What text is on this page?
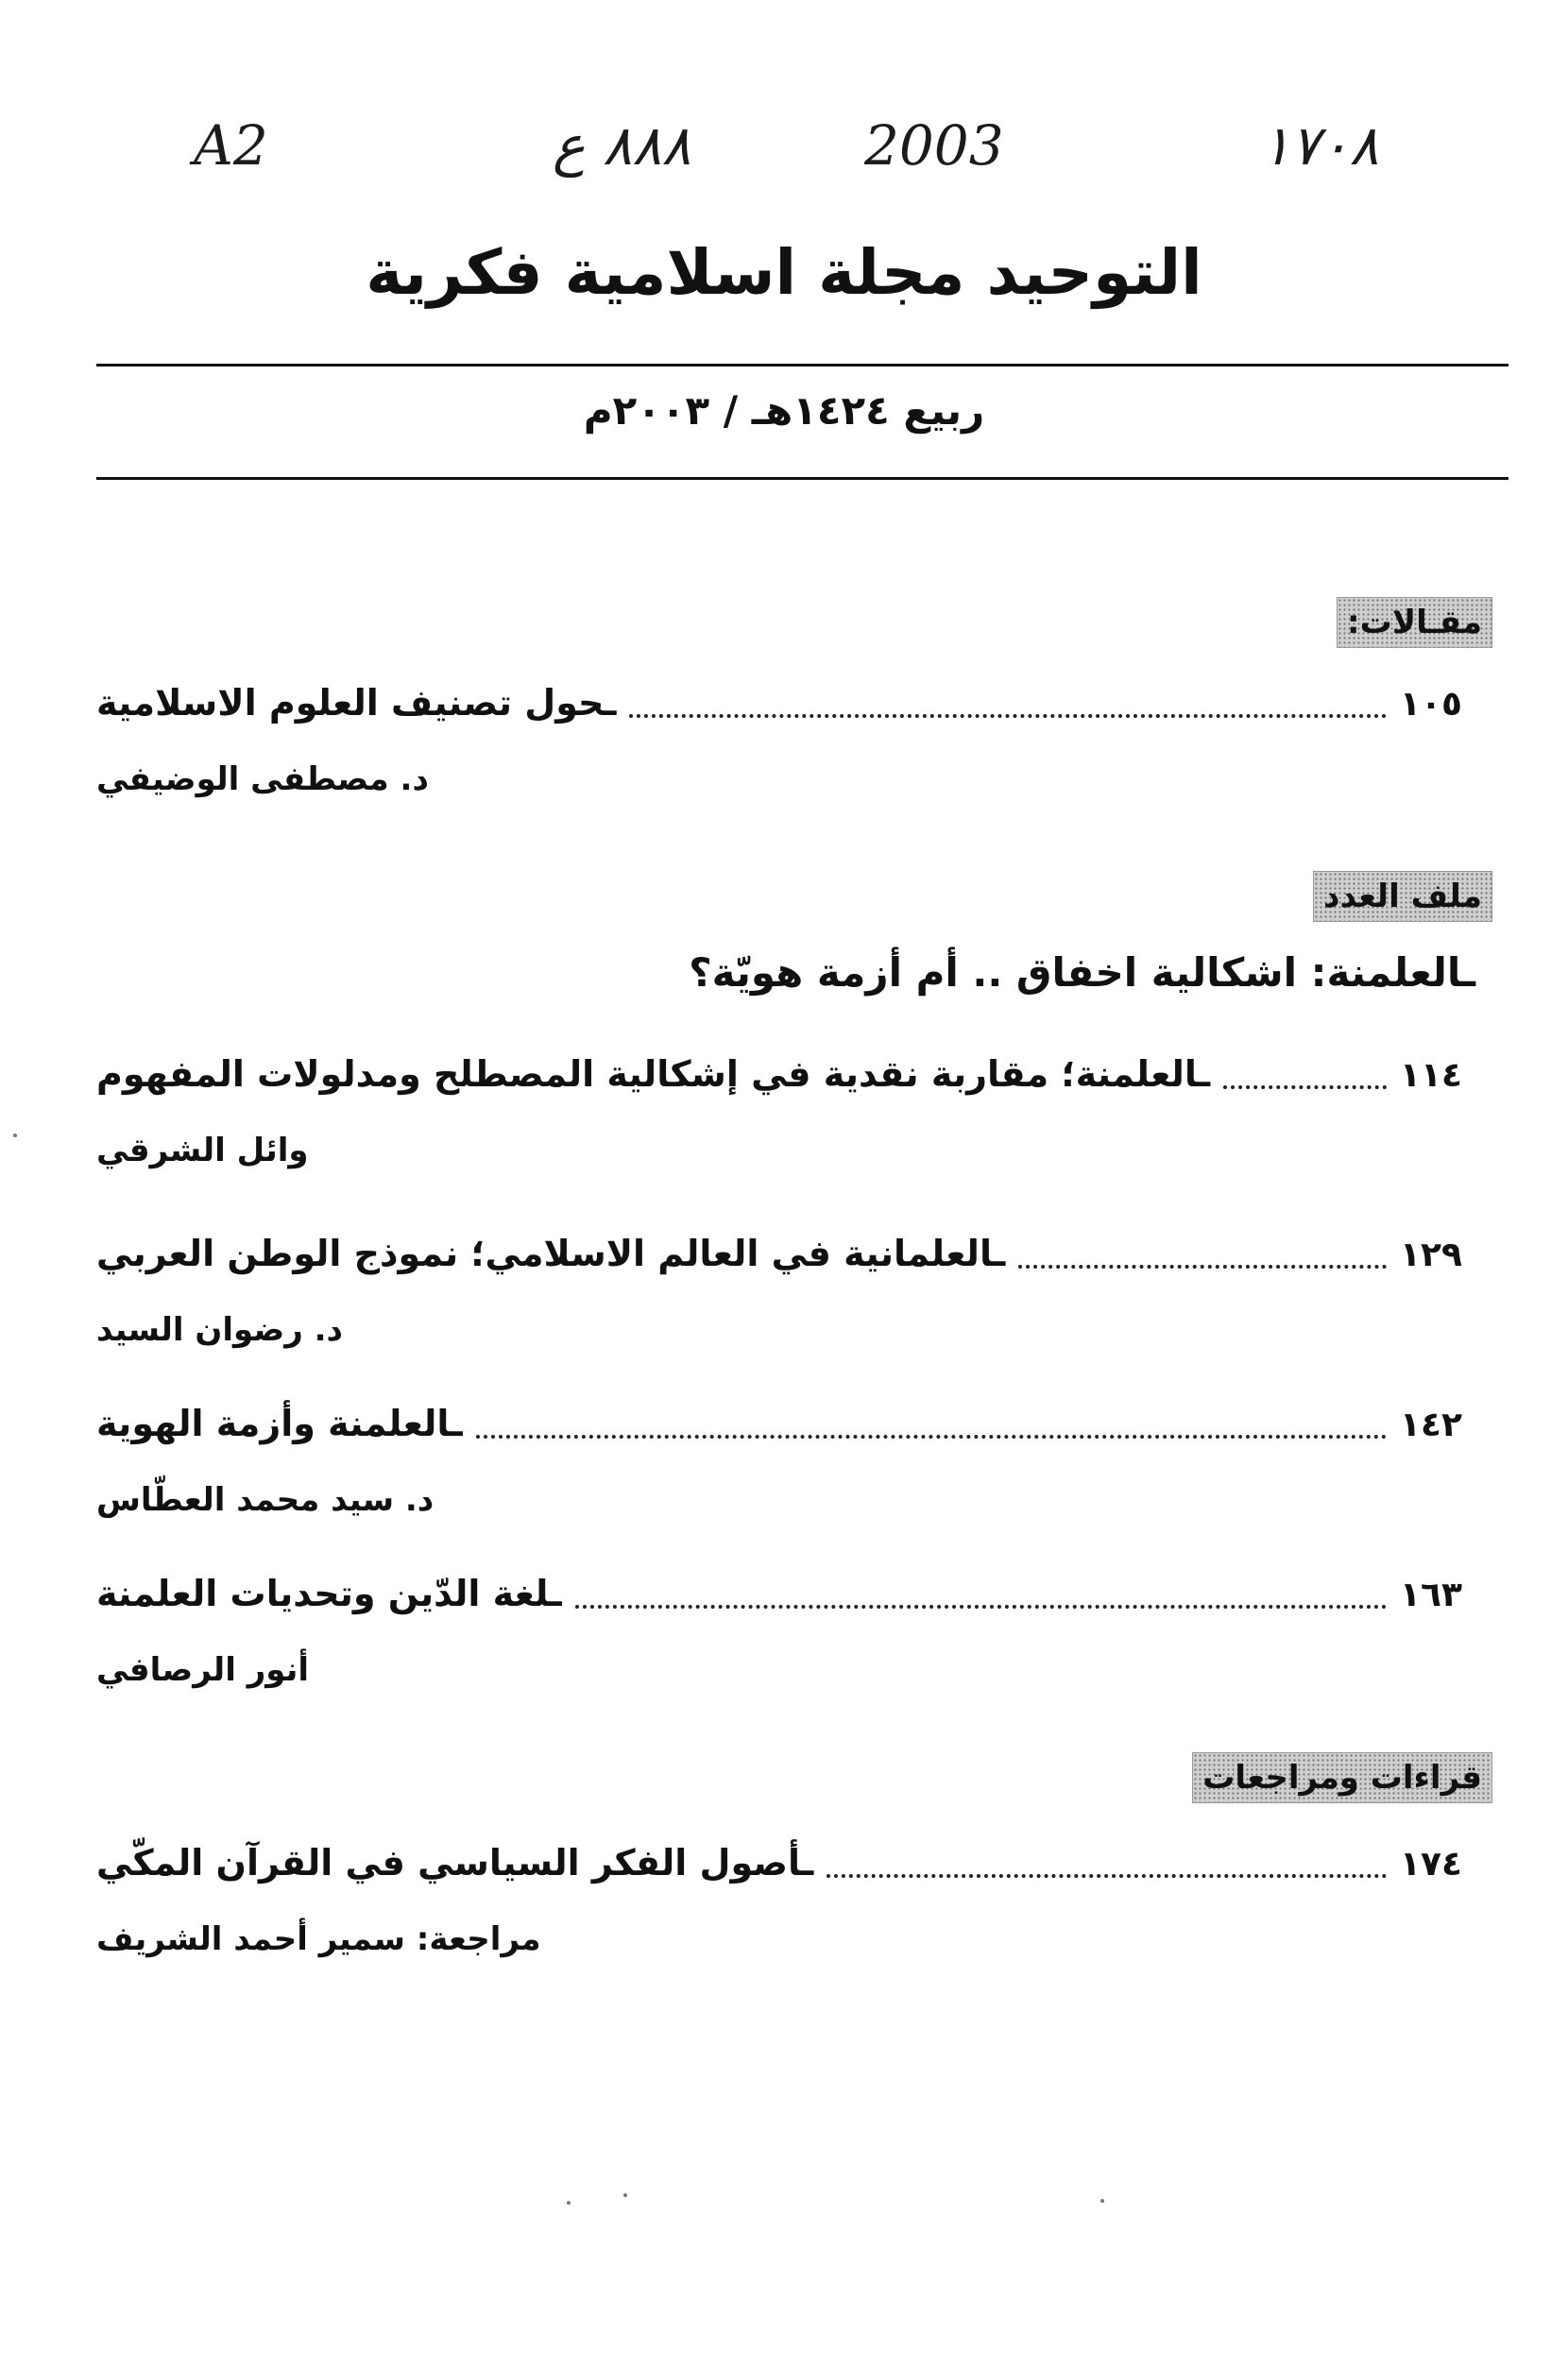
A2	٨٨٨ ع	2003	١٧٠٨
التوحيد مجلة اسلامية فكرية
ربيع ١٤٢٤هـ / ٢٠٠٣م
مقـالات:
ـحول تصنيف العلوم الاسلامية	١٠٥
د. مصطفى الوضيفي
ملف العدد
ـالعلمنة: اشكالية اخفاق .. أم أزمة هويّة؟
ـالعلمنة؛ مقاربة نقدية في إشكالية المصطلح ومدلولات المفهوم	١١٤
وائل الشرقي
ـالعلمانية في العالم الاسلامي؛ نموذج الوطن العربي	١٢٩
د. رضوان السيد
ـالعلمنة وأزمة الهوية	١٤٢
د. سيد محمد العطّاس
ـلغة الدّين وتحديات العلمنة	١٦٣
أنور الرصافي
قراءات ومراجعات
ـأصول الفكر السياسي في القرآن المكّي	١٧٤
مراجعة: سمير أحمد الشريف
